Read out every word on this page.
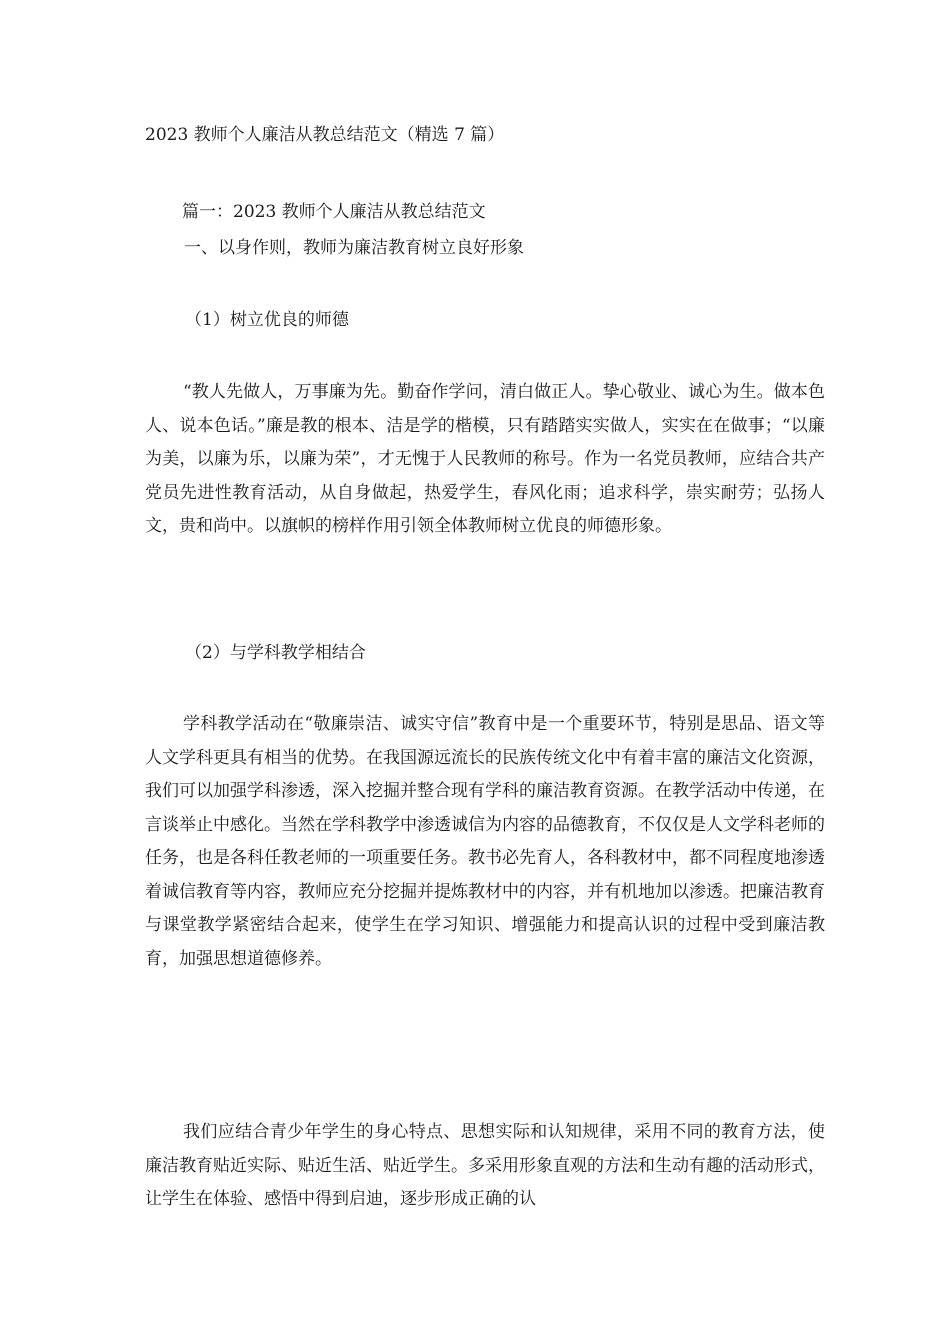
2023 教师个人廉洁从教总结范文（精选 7 篇）
篇一：2023 教师个人廉洁从教总结范文
一、以身作则，教师为廉洁教育树立良好形象
（1）树立优良的师德
“教人先做人，万事廉为先。勤奋作学问，清白做正人。挚心敬业、诚心为生。做本色人、说本色话。”廉是教的根本、洁是学的楷模，只有踏踏实实做人，实实在在做事；“以廉为美，以廉为乐，以廉为荣”，才无愧于人民教师的称号。作为一名党员教师，应结合共产党员先进性教育活动，从自身做起，热爱学生，春风化雨；追求科学，崇实耐劳；弘扬人文，贵和尚中。以旗帜的榜样作用引领全体教师树立优良的师德形象。
（2）与学科教学相结合
学科教学活动在“敬廉崇洁、诚实守信”教育中是一个重要环节，特别是思品、语文等人文学科更具有相当的优势。在我国源远流长的民族传统文化中有着丰富的廉洁文化资源，我们可以加强学科渗透，深入挖掘并整合现有学科的廉洁教育资源。在教学活动中传递，在言谈举止中感化。当然在学科教学中渗透诚信为内容的品德教育，不仅仅是人文学科老师的任务，也是各科任教老师的一项重要任务。教书必先育人，各科教材中，都不同程度地渗透着诚信教育等内容，教师应充分挖掘并提炼教材中的内容，并有机地加以渗透。把廉洁教育与课堂教学紧密结合起来，使学生在学习知识、增强能力和提高认识的过程中受到廉洁教育，加强思想道德修养。
我们应结合青少年学生的身心特点、思想实际和认知规律，采用不同的教育方法，使廉洁教育贴近实际、贴近生活、贴近学生。多采用形象直观的方法和生动有趣的活动形式，让学生在体验、感悟中得到启迪，逐步形成正确的认
